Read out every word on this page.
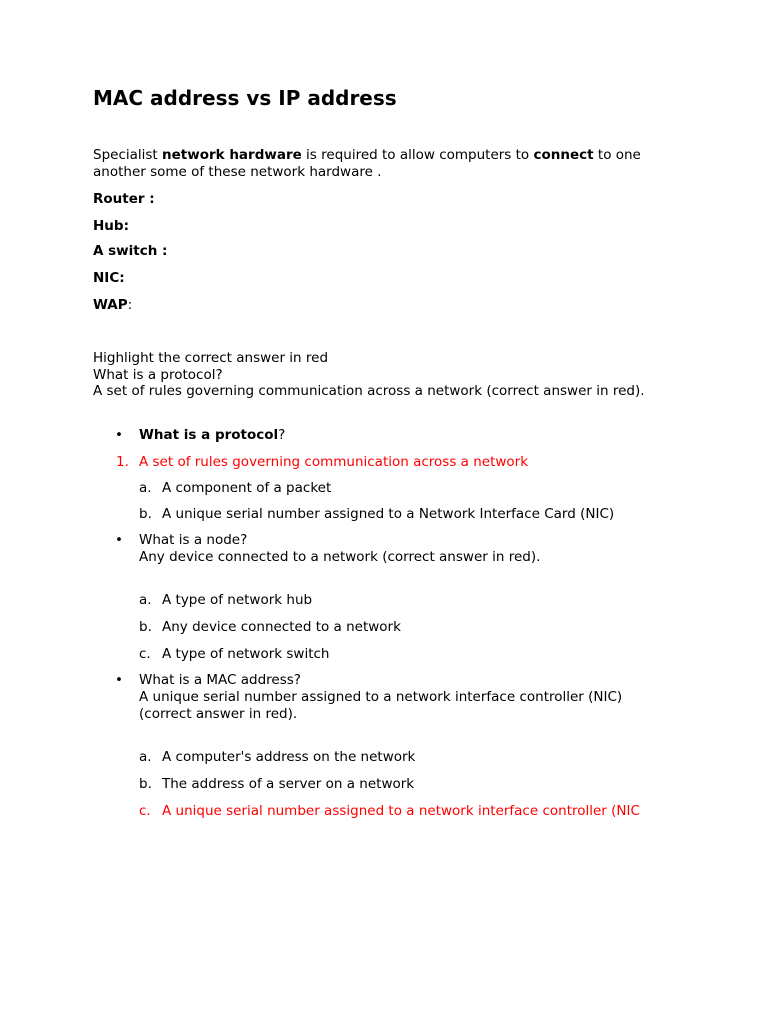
MAC address vs IP address
Specialist network hardware is required to allow computers to connect to one
another some of these network hardware .
Router :
Hub:
A switch :
NIC:
WAP:
Highlight the correct answer in red
What is a protocol?
A set of rules governing communication across a network (correct answer in red).
• What is a protocol?
1. A set of rules governing communication across a network
a. A component of a packet
b. A unique serial number assigned to a Network Interface Card (NIC)
• What is a node?
Any device connected to a network (correct answer in red).
a. A type of network hub
b. Any device connected to a network
c. A type of network switch
• What is a MAC address?
A unique serial number assigned to a network interface controller (NIC)
(correct answer in red).
a. A computer's address on the network
b. The address of a server on a network
c. A unique serial number assigned to a network interface controller (NIC
